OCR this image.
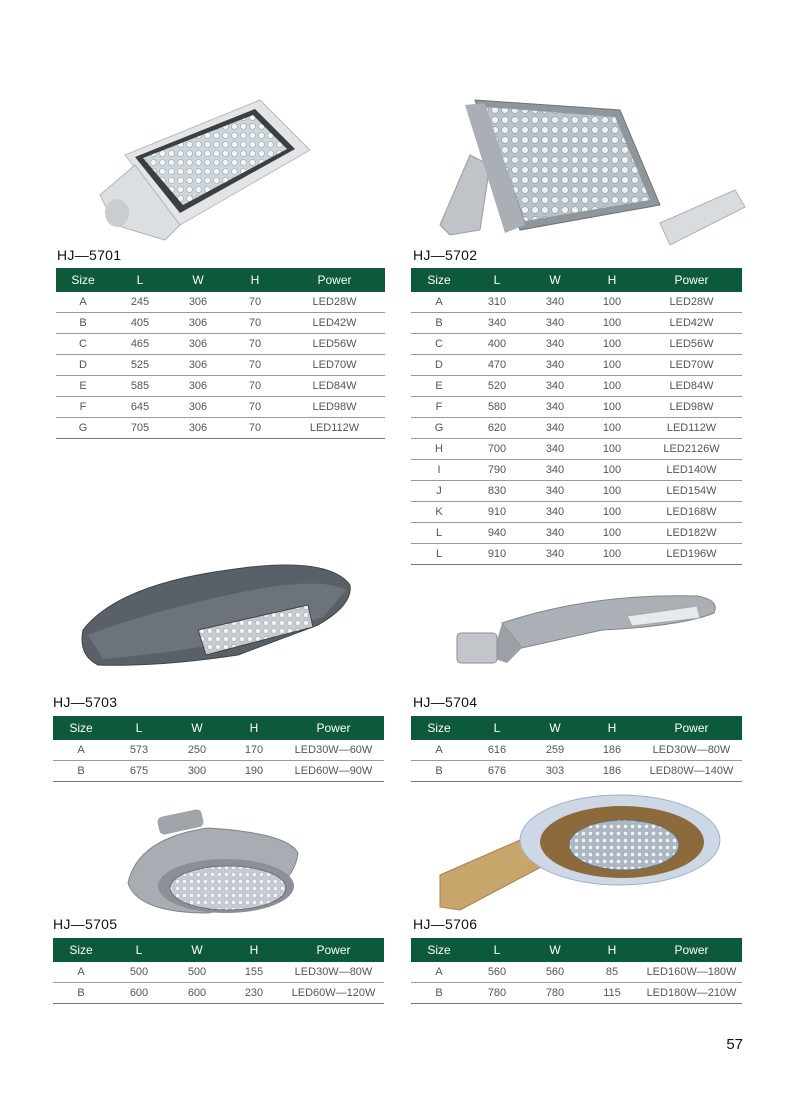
HJ—5701
Size	L	W	H	Power
A	245	306	70	LED28W
B	405	306	70	LED42W
C	465	306	70	LED56W
D	525	306	70	LED70W
E	585	306	70	LED84W
F	645	306	70	LED98W
G	705	306	70	LED112W
HJ—5702
Size	L	W	H	Power
A	310	340	100	LED28W
B	340	340	100	LED42W
C	400	340	100	LED56W
D	470	340	100	LED70W
E	520	340	100	LED84W
F	580	340	100	LED98W
G	620	340	100	LED112W
H	700	340	100	LED2126W
I	790	340	100	LED140W
J	830	340	100	LED154W
K	910	340	100	LED168W
L	940	340	100	LED182W
L	910	340	100	LED196W
HJ—5703
Size	L	W	H	Power
A	573	250	170	LED30W—60W
B	675	300	190	LED60W—90W
HJ—5704
Size	L	W	H	Power
A	616	259	186	LED30W—80W
B	676	303	186	LED80W—140W
HJ—5705
Size	L	W	H	Power
A	500	500	155	LED30W—80W
B	600	600	230	LED60W—120W
HJ—5706
Size	L	W	H	Power
A	560	560	85	LED160W—180W
B	780	780	115	LED180W—210W
57
